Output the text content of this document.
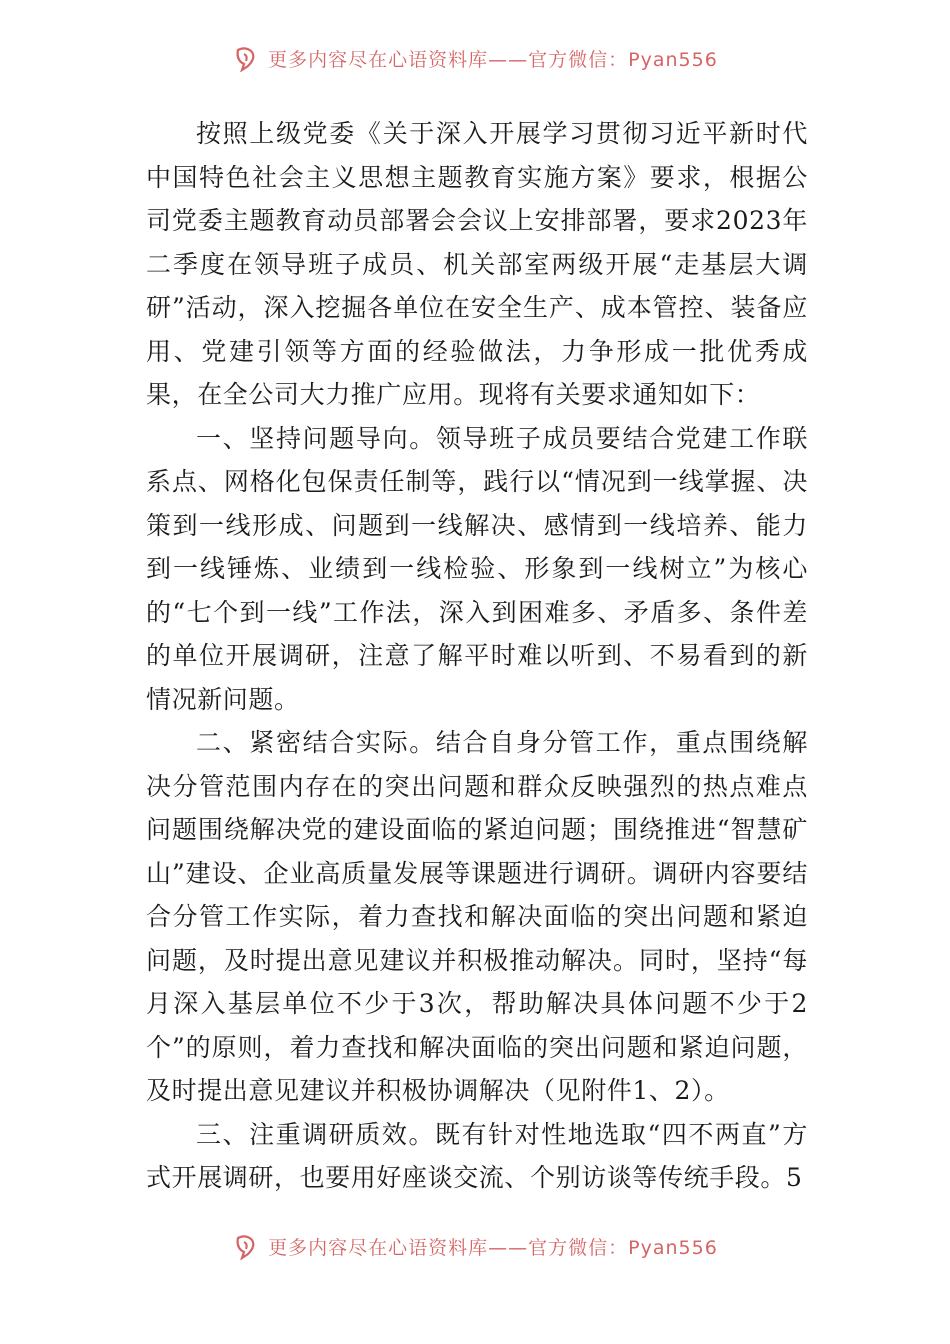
更多内容尽在心语资料库——官方微信：Pyan556

按照上级党委《关于深入开展学习贯彻习近平新时代中国特色社会主义思想主题教育实施方案》要求，根据公司党委主题教育动员部署会会议上安排部署，要求2023年二季度在领导班子成员、机关部室两级开展“走基层大调研”活动，深入挖掘各单位在安全生产、成本管控、装备应用、党建引领等方面的经验做法，力争形成一批优秀成果，在全公司大力推广应用。现将有关要求通知如下：

一、坚持问题导向。领导班子成员要结合党建工作联系点、网格化包保责任制等，践行以“情况到一线掌握、决策到一线形成、问题到一线解决、感情到一线培养、能力到一线锤炼、业绩到一线检验、形象到一线树立”为核心的“七个到一线”工作法，深入到困难多、矛盾多、条件差的单位开展调研，注意了解平时难以听到、不易看到的新情况新问题。

二、紧密结合实际。结合自身分管工作，重点围绕解决分管范围内存在的突出问题和群众反映强烈的热点难点问题围绕解决党的建设面临的紧迫问题；围绕推进“智慧矿山”建设、企业高质量发展等课题进行调研。调研内容要结合分管工作实际，着力查找和解决面临的突出问题和紧迫问题，及时提出意见建议并积极推动解决。同时，坚持“每月深入基层单位不少于3次，帮助解决具体问题不少于2个”的原则，着力查找和解决面临的突出问题和紧迫问题，及时提出意见建议并积极协调解决（见附件1、2）。

三、注重调研质效。既有针对性地选取“四不两直”方式开展调研，也要用好座谈交流、个别访谈等传统手段。5

更多内容尽在心语资料库——官方微信：Pyan556
